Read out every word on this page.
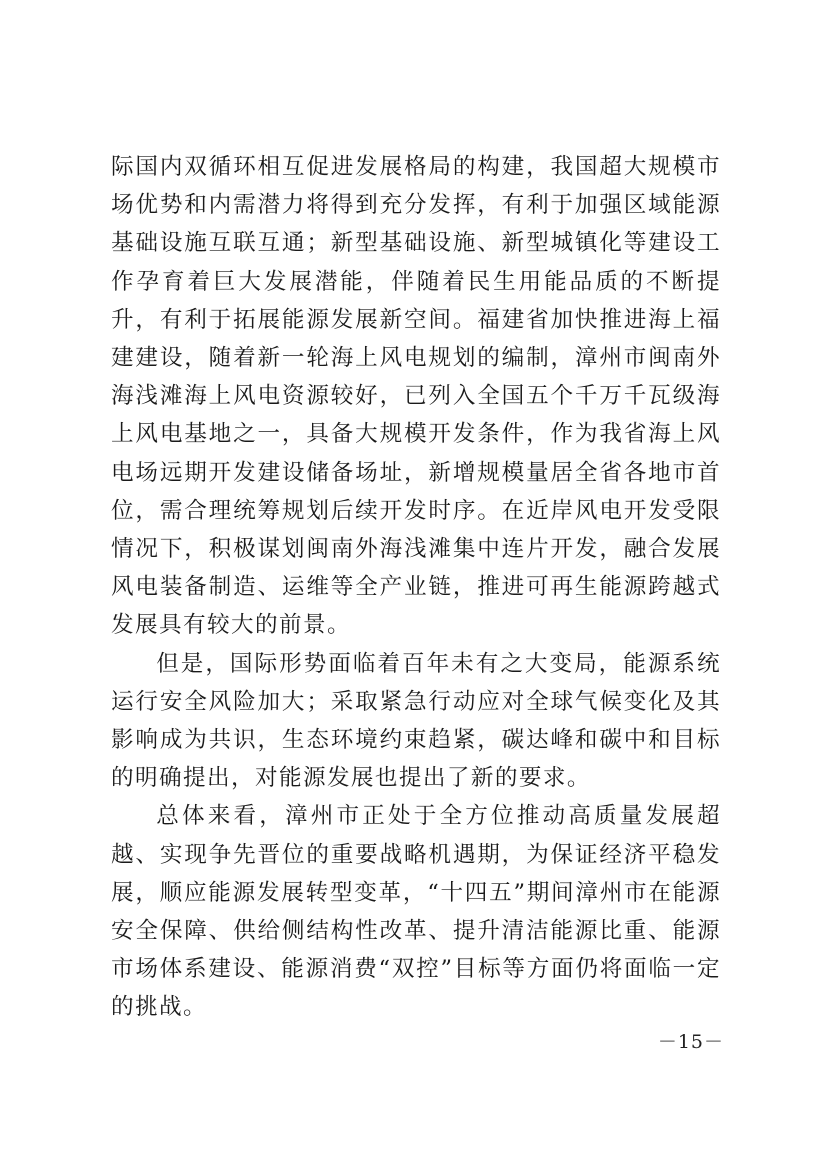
际国内双循环相互促进发展格局的构建，我国超大规模市场优势和内需潜力将得到充分发挥，有利于加强区域能源基础设施互联互通；新型基础设施、新型城镇化等建设工作孕育着巨大发展潜能，伴随着民生用能品质的不断提升，有利于拓展能源发展新空间。福建省加快推进海上福建建设，随着新一轮海上风电规划的编制，漳州市闽南外海浅滩海上风电资源较好，已列入全国五个千万千瓦级海上风电基地之一，具备大规模开发条件，作为我省海上风电场远期开发建设储备场址，新增规模量居全省各地市首位，需合理统筹规划后续开发时序。在近岸风电开发受限情况下，积极谋划闽南外海浅滩集中连片开发，融合发展风电装备制造、运维等全产业链，推进可再生能源跨越式发展具有较大的前景。

但是，国际形势面临着百年未有之大变局，能源系统运行安全风险加大；采取紧急行动应对全球气候变化及其影响成为共识，生态环境约束趋紧，碳达峰和碳中和目标的明确提出，对能源发展也提出了新的要求。

总体来看，漳州市正处于全方位推动高质量发展超越、实现争先晋位的重要战略机遇期，为保证经济平稳发展，顺应能源发展转型变革，“十四五”期间漳州市在能源安全保障、供给侧结构性改革、提升清洁能源比重、能源市场体系建设、能源消费“双控”目标等方面仍将面临一定的挑战。

－15－
